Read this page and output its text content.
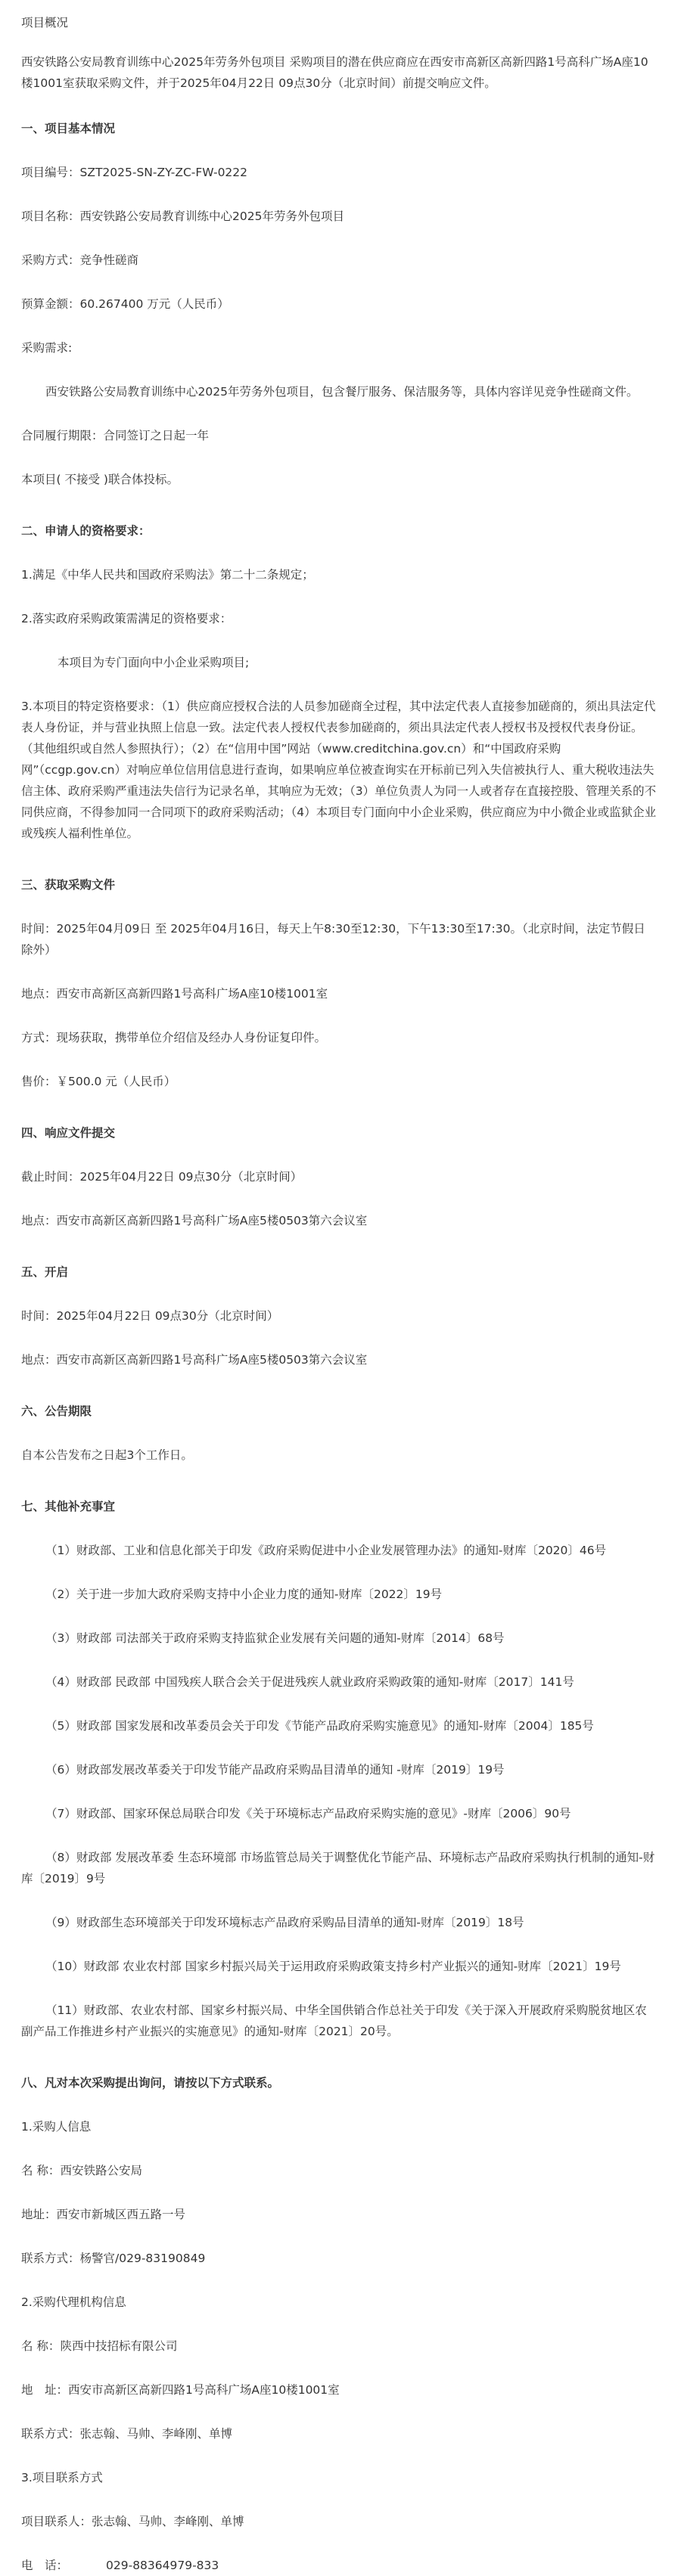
项目概况

西安铁路公安局教育训练中心2025年劳务外包项目 采购项目的潜在供应商应在西安市高新区高新四路1号高科广场A座10楼1001室获取采购文件，并于2025年04月22日 09点30分（北京时间）前提交响应文件。

一、项目基本情况

项目编号：SZT2025-SN-ZY-ZC-FW-0222

项目名称：西安铁路公安局教育训练中心2025年劳务外包项目

采购方式：竞争性磋商

预算金额：60.267400 万元（人民币）

采购需求:

西安铁路公安局教育训练中心2025年劳务外包项目，包含餐厅服务、保洁服务等，具体内容详见竞争性磋商文件。

合同履行期限：合同签订之日起一年

本项目( 不接受 )联合体投标。

二、申请人的资格要求：

1.满足《中华人民共和国政府采购法》第二十二条规定；

2.落实政府采购政策需满足的资格要求：

本项目为专门面向中小企业采购项目;

3.本项目的特定资格要求：（1）供应商应授权合法的人员参加磋商全过程，其中法定代表人直接参加磋商的，须出具法定代表人身份证，并与营业执照上信息一致。法定代表人授权代表参加磋商的，须出具法定代表人授权书及授权代表身份证。（其他组织或自然人参照执行）；（2）在“信用中国”网站（www.creditchina.gov.cn）和“中国政府采购网”（ccgp.gov.cn）对响应单位信用信息进行查询，如果响应单位被查询实在开标前已列入失信被执行人、重大税收违法失信主体、政府采购严重违法失信行为记录名单，其响应为无效；（3）单位负责人为同一人或者存在直接控股、管理关系的不同供应商，不得参加同一合同项下的政府采购活动；（4）本项目专门面向中小企业采购，供应商应为中小微企业或监狱企业或残疾人福利性单位。

三、获取采购文件

时间：2025年04月09日 至 2025年04月16日，每天上午8:30至12:30，下午13:30至17:30。（北京时间，法定节假日除外）

地点：西安市高新区高新四路1号高科广场A座10楼1001室

方式：现场获取，携带单位介绍信及经办人身份证复印件。

售价：￥500.0 元（人民币）

四、响应文件提交

截止时间：2025年04月22日 09点30分（北京时间）

地点：西安市高新区高新四路1号高科广场A座5楼0503第六会议室

五、开启

时间：2025年04月22日 09点30分（北京时间）

地点：西安市高新区高新四路1号高科广场A座5楼0503第六会议室

六、公告期限

自本公告发布之日起3个工作日。

七、其他补充事宜

（1）财政部、工业和信息化部关于印发《政府采购促进中小企业发展管理办法》的通知-财库〔2020〕46号

（2）关于进一步加大政府采购支持中小企业力度的通知-财库〔2022〕19号

（3）财政部 司法部关于政府采购支持监狱企业发展有关问题的通知-财库〔2014〕68号

（4）财政部 民政部 中国残疾人联合会关于促进残疾人就业政府采购政策的通知-财库〔2017〕141号

（5）财政部 国家发展和改革委员会关于印发《节能产品政府采购实施意见》的通知-财库〔2004〕185号

（6）财政部发展改革委关于印发节能产品政府采购品目清单的通知 -财库〔2019〕19号

（7）财政部、国家环保总局联合印发《关于环境标志产品政府采购实施的意见》-财库〔2006〕90号

（8）财政部 发展改革委 生态环境部 市场监管总局关于调整优化节能产品、环境标志产品政府采购执行机制的通知-财库〔2019〕9号

（9）财政部生态环境部关于印发环境标志产品政府采购品目清单的通知-财库〔2019〕18号

（10）财政部 农业农村部 国家乡村振兴局关于运用政府采购政策支持乡村产业振兴的通知-财库〔2021〕19号

（11）财政部、农业农村部、国家乡村振兴局、中华全国供销合作总社关于印发《关于深入开展政府采购脱贫地区农副产品工作推进乡村产业振兴的实施意见》的通知-财库〔2021〕20号。

八、凡对本次采购提出询问，请按以下方式联系。

1.采购人信息

名 称：西安铁路公安局

地址：西安市新城区西五路一号

联系方式：杨警官/029-83190849

2.采购代理机构信息

名 称：陕西中技招标有限公司

地　址：西安市高新区高新四路1号高科广场A座10楼1001室

联系方式：张志翰、马帅、李峰刚、单博

3.项目联系方式

项目联系人：张志翰、马帅、李峰刚、单博

电　话：	029-88364979-833
